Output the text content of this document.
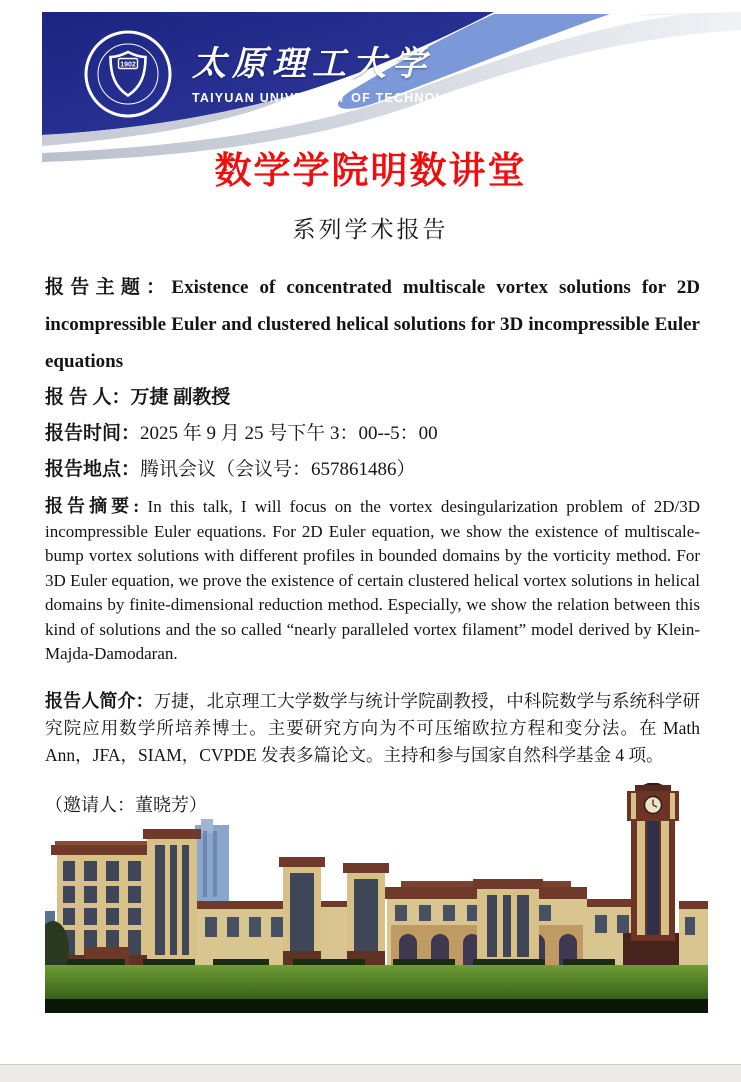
1902 太原理工大学
TAIYUAN UNIVERSITY OF TECHNOLOGY
数学学院明数讲堂
系列学术报告

报告主题：Existence of concentrated multiscale vortex solutions for 2D incompressible Euler and clustered helical solutions for 3D incompressible Euler equations

报 告 人：万捷 副教授

报告时间：2025 年 9 月 25 号下午 3：00--5：00

报告地点：腾讯会议（会议号：657861486）

报告摘要: In this talk, I will focus on the vortex desingularization problem of 2D/3D incompressible Euler equations. For 2D Euler equation, we show the existence of multiscale-bump vortex solutions with different profiles in bounded domains by the vorticity method. For 3D Euler equation, we prove the existence of certain clustered helical vortex solutions in helical domains by finite-dimensional reduction method. Especially, we show the relation between this kind of solutions and the so called “nearly paralleled vortex filament” model derived by Klein-Majda-Damodaran.

报告人简介：万捷，北京理工大学数学与统计学院副教授，中科院数学与系统科学研究院应用数学所培养博士。主要研究方向为不可压缩欧拉方程和变分法。在 Math Ann，JFA，SIAM，CVPDE 发表多篇论文。主持和参与国家自然科学基金 4 项。

（邀请人：董晓芳）
